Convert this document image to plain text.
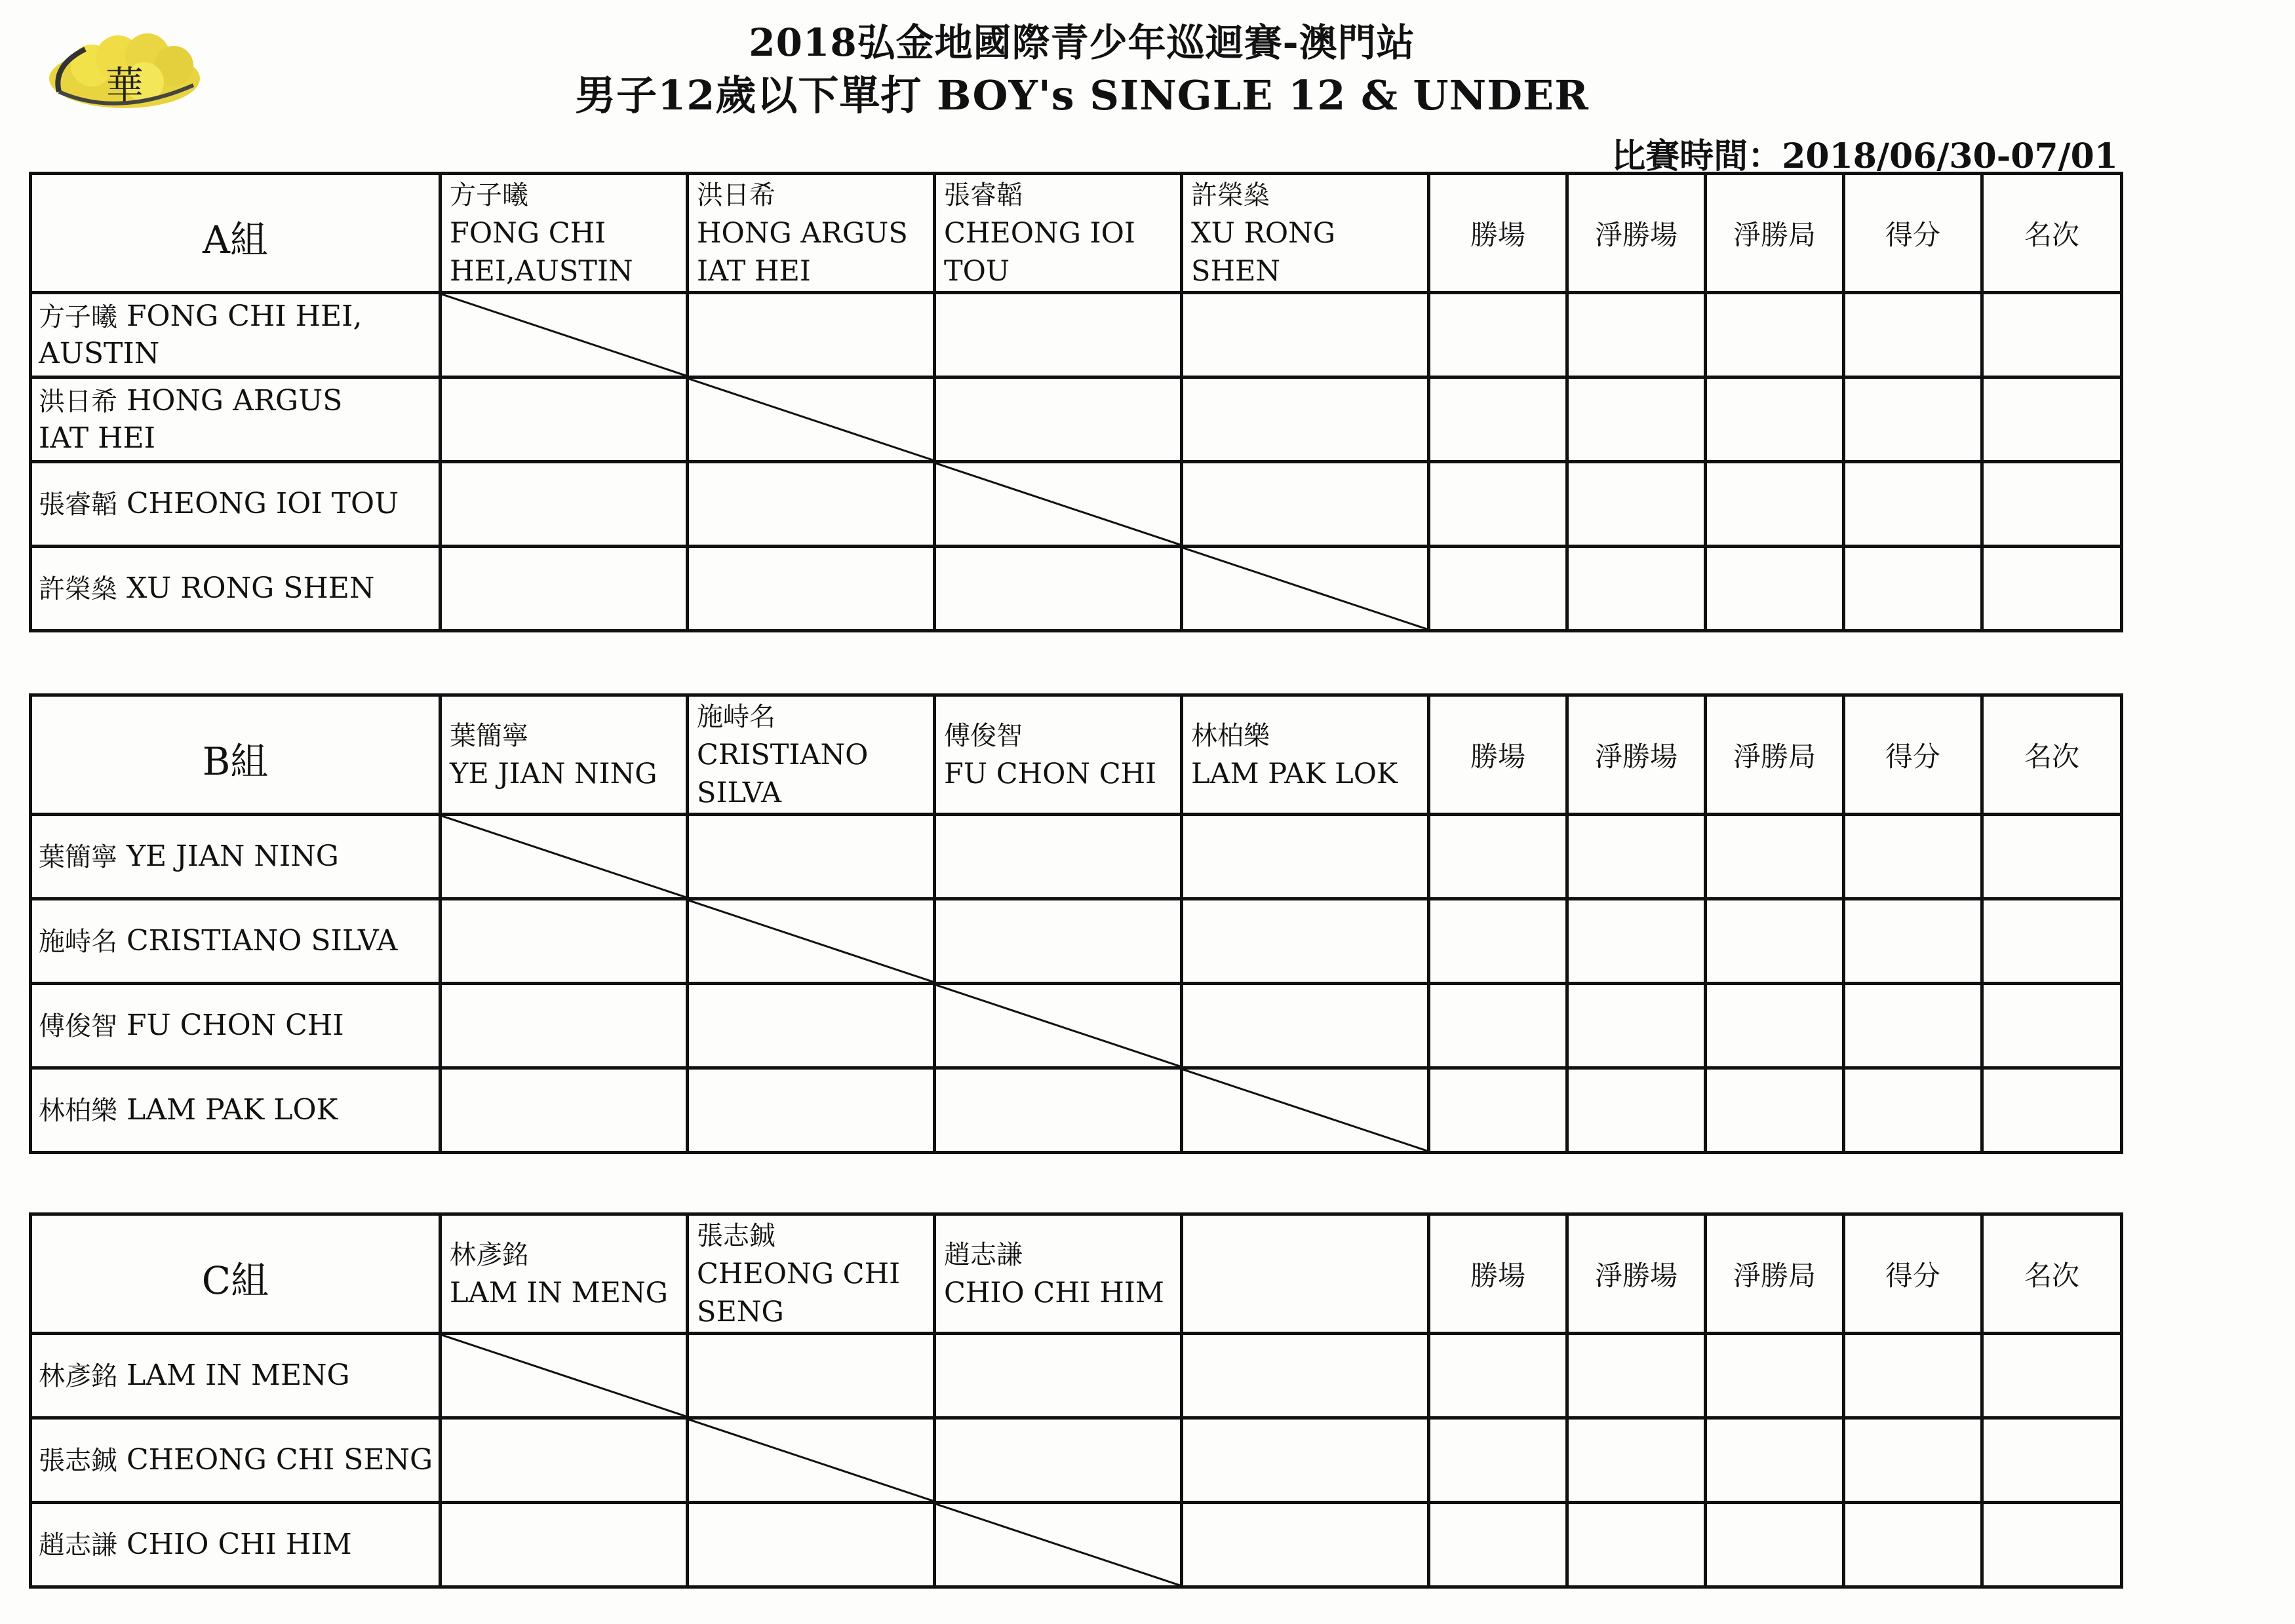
華
2018弘金地國際青少年巡迴賽-澳門站
男子12歲以下單打 BOY's SINGLE 12 & UNDER
比賽時間：2018/06/30-07/01
A組	方子曦
FONG CHI
HEI,AUSTIN	洪日希
HONG ARGUS
IAT HEI	張睿韜
CHEONG IOI
TOU	許榮燊
XU RONG SHEN	勝場	淨勝場	淨勝局	得分	名次
方子曦 FONG CHI HEI,
AUSTIN	

洪日希 HONG ARGUS
IAT HEI		

張睿韜 CHEONG IOI TOU			

許榮燊 XU RONG SHEN				

B組	葉簡寧
YE JIAN NING	施峙名
CRISTIANO
SILVA	傅俊智
FU CHON CHI	林柏樂
LAM PAK LOK	勝場	淨勝場	淨勝局	得分	名次
葉簡寧 YE JIAN NING	

施峙名 CRISTIANO SILVA		

傅俊智 FU CHON CHI			

林柏樂 LAM PAK LOK				

C組	林彥銘
LAM IN MENG	張志鋮
CHEONG CHI
SENG	趙志謙
CHIO CHI HIM		勝場	淨勝場	淨勝局	得分	名次
林彥銘 LAM IN MENG	

張志鋮 CHEONG CHI SENG		

趙志謙 CHIO CHI HIM			
